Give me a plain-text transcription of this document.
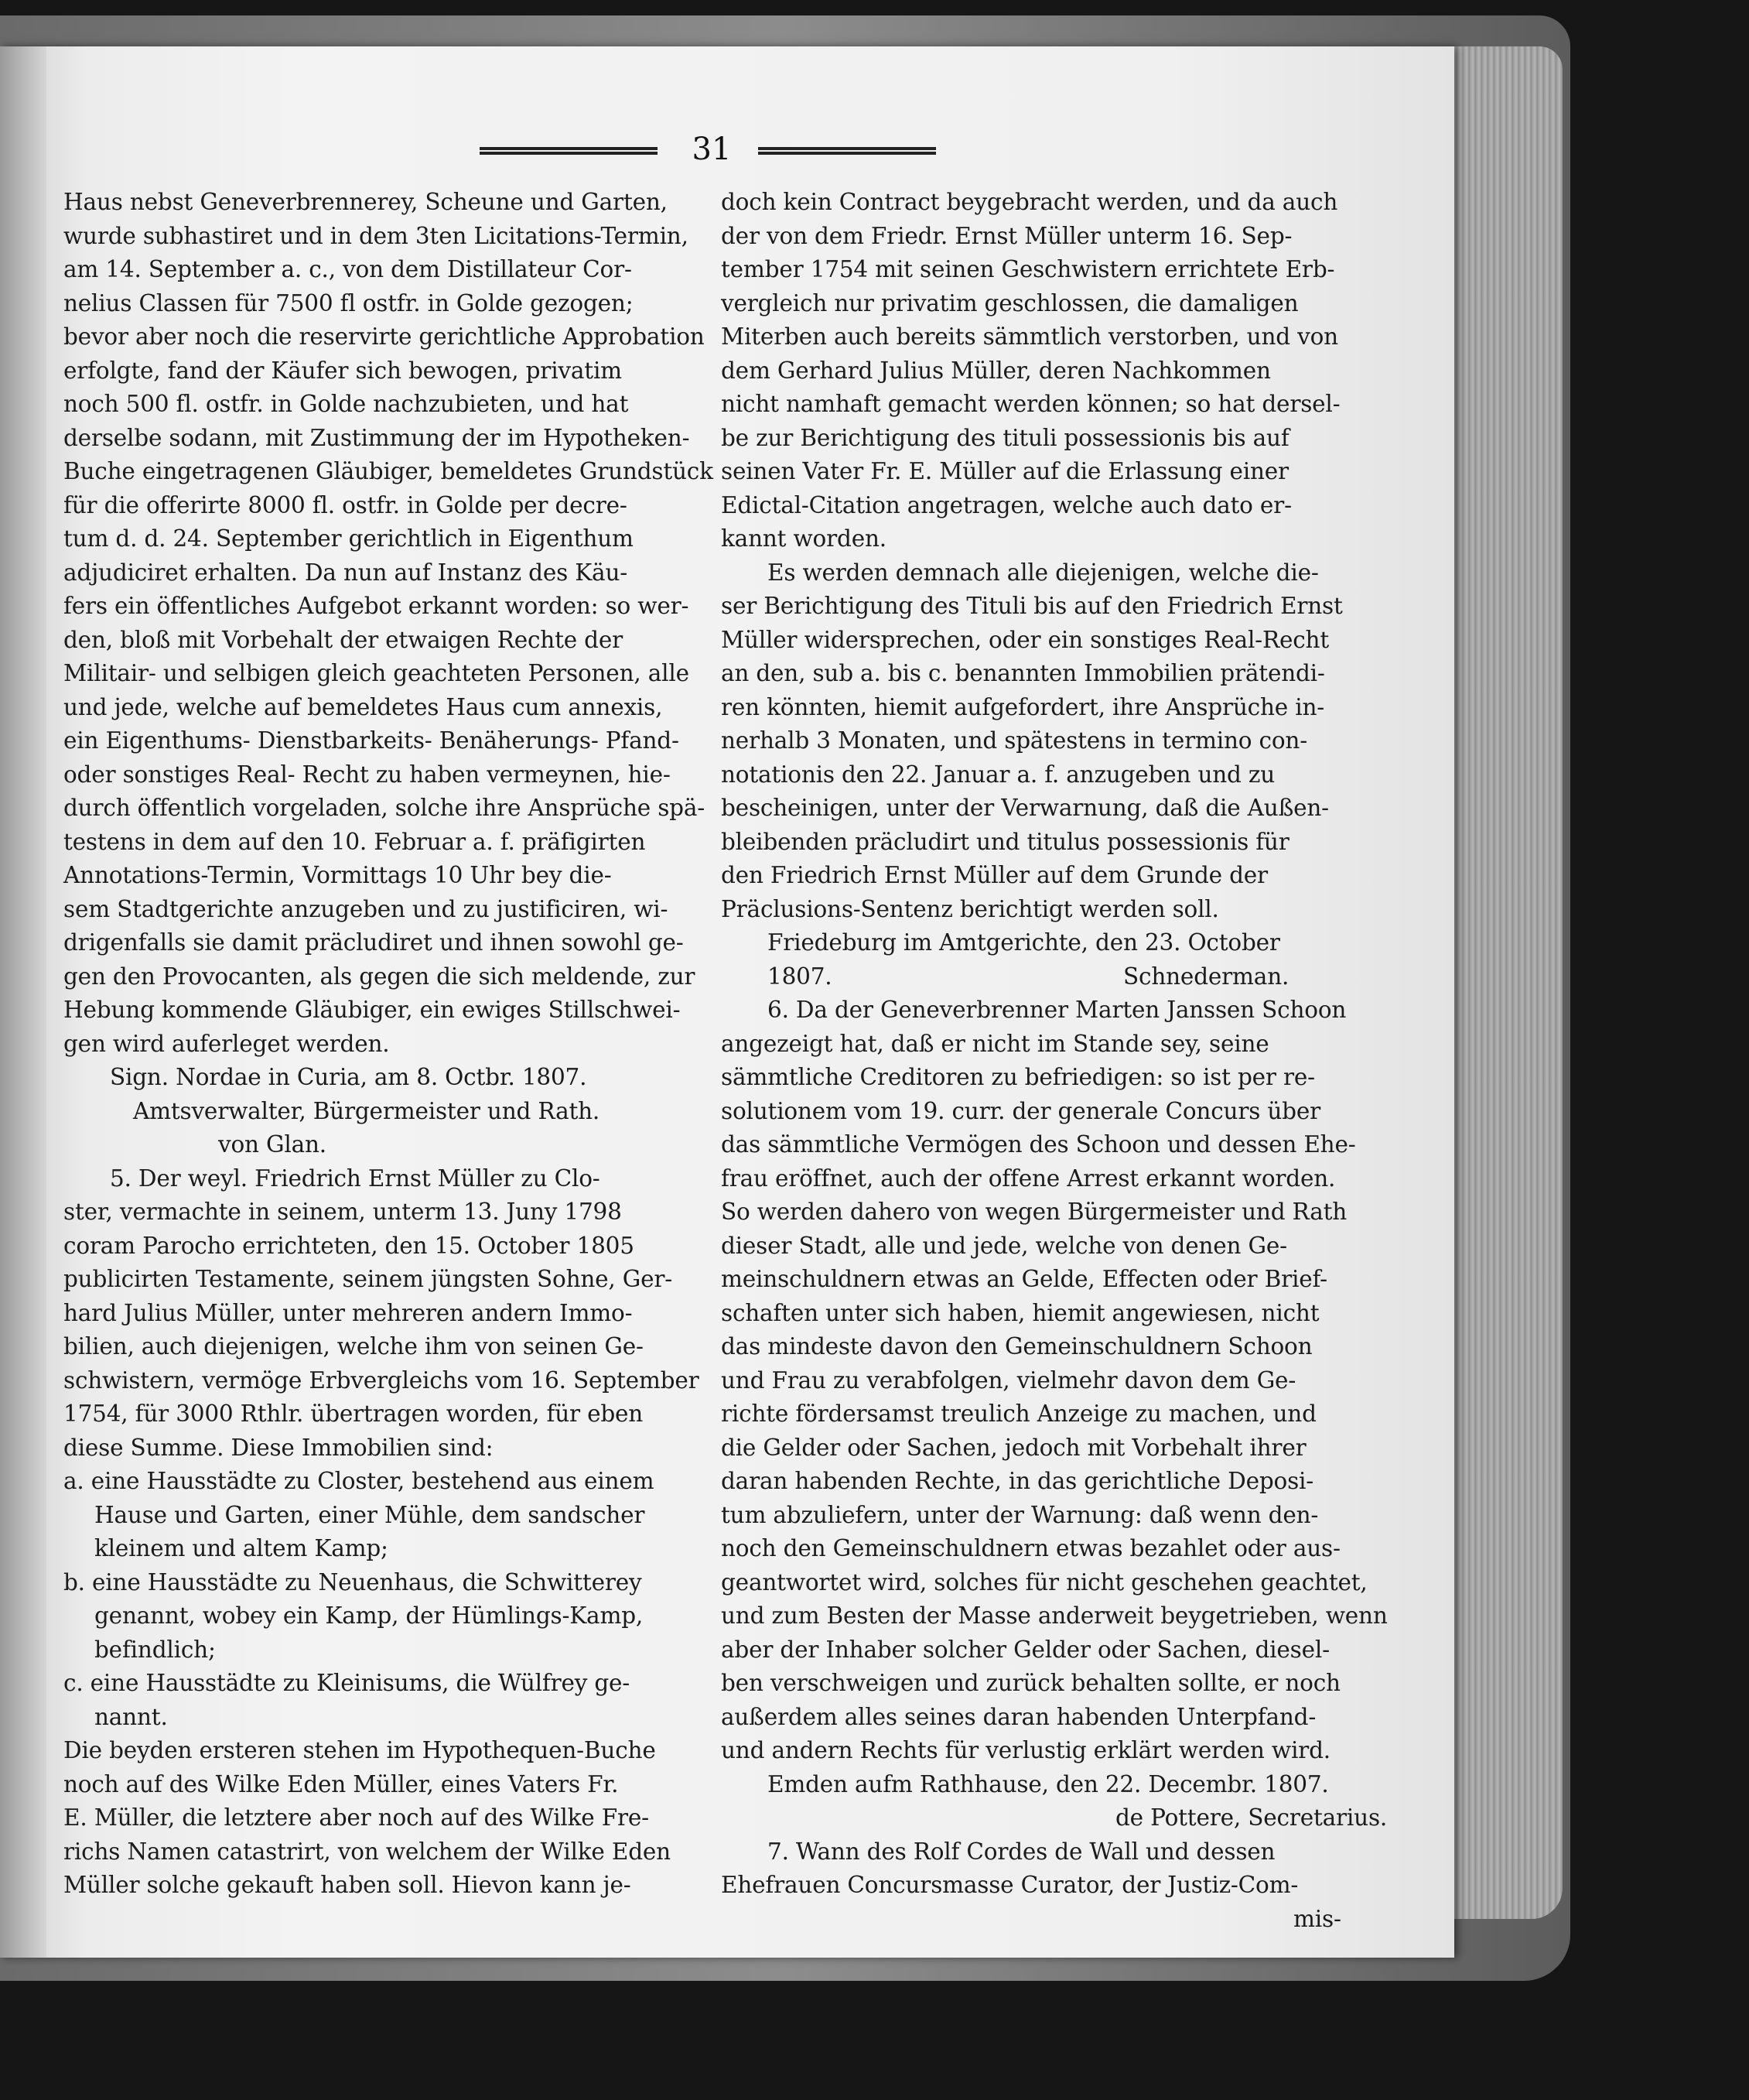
31
Haus nebst Geneverbrennerey, Scheune und Garten,
wurde subhastiret und in dem 3ten Licitations-Termin,
am 14. September a. c., von dem Distillateur Cor-
nelius Classen für 7500 fl ostfr. in Golde gezogen;
bevor aber noch die reservirte gerichtliche Approbation
erfolgte, fand der Käufer sich bewogen, privatim
noch 500 fl. ostfr. in Golde nachzubieten, und hat
derselbe sodann, mit Zustimmung der im Hypotheken-
Buche eingetragenen Gläubiger, bemeldetes Grundstück
für die offerirte 8000 fl. ostfr. in Golde per decre-
tum d. d. 24. September gerichtlich in Eigenthum
adjudiciret erhalten. Da nun auf Instanz des Käu-
fers ein öffentliches Aufgebot erkannt worden: so wer-
den, bloß mit Vorbehalt der etwaigen Rechte der
Militair- und selbigen gleich geachteten Personen, alle
und jede, welche auf bemeldetes Haus cum annexis,
ein Eigenthums- Dienstbarkeits- Benäherungs- Pfand-
oder sonstiges Real- Recht zu haben vermeynen, hie-
durch öffentlich vorgeladen, solche ihre Ansprüche spä-
testens in dem auf den 10. Februar a. f. präfigirten
Annotations-Termin, Vormittags 10 Uhr bey die-
sem Stadtgerichte anzugeben und zu justificiren, wi-
drigenfalls sie damit präcludiret und ihnen sowohl ge-
gen den Provocanten, als gegen die sich meldende, zur
Hebung kommende Gläubiger, ein ewiges Stillschwei-
gen wird auferleget werden.
Sign. Nordae in Curia, am 8. Octbr. 1807.
Amtsverwalter, Bürgermeister und Rath.
von Glan.
5. Der weyl. Friedrich Ernst Müller zu Clo-
ster, vermachte in seinem, unterm 13. Juny 1798
coram Parocho errichteten, den 15. October 1805
publicirten Testamente, seinem jüngsten Sohne, Ger-
hard Julius Müller, unter mehreren andern Immo-
bilien, auch diejenigen, welche ihm von seinen Ge-
schwistern, vermöge Erbvergleichs vom 16. September
1754, für 3000 Rthlr. übertragen worden, für eben
diese Summe. Diese Immobilien sind:
a. eine Hausstädte zu Closter, bestehend aus einem
Hause und Garten, einer Mühle, dem sandscher
kleinem und altem Kamp;
b. eine Hausstädte zu Neuenhaus, die Schwitterey
genannt, wobey ein Kamp, der Hümlings-Kamp,
befindlich;
c. eine Hausstädte zu Kleinisums, die Wülfrey ge-
nannt.
Die beyden ersteren stehen im Hypothequen-Buche
noch auf des Wilke Eden Müller, eines Vaters Fr.
E. Müller, die letztere aber noch auf des Wilke Fre-
richs Namen catastrirt, von welchem der Wilke Eden
Müller solche gekauft haben soll. Hievon kann je-
doch kein Contract beygebracht werden, und da auch
der von dem Friedr. Ernst Müller unterm 16. Sep-
tember 1754 mit seinen Geschwistern errichtete Erb-
vergleich nur privatim geschlossen, die damaligen
Miterben auch bereits sämmtlich verstorben, und von
dem Gerhard Julius Müller, deren Nachkommen
nicht namhaft gemacht werden können; so hat dersel-
be zur Berichtigung des tituli possessionis bis auf
seinen Vater Fr. E. Müller auf die Erlassung einer
Edictal-Citation angetragen, welche auch dato er-
kannt worden.
Es werden demnach alle diejenigen, welche die-
ser Berichtigung des Tituli bis auf den Friedrich Ernst
Müller widersprechen, oder ein sonstiges Real-Recht
an den, sub a. bis c. benannten Immobilien prätendi-
ren könnten, hiemit aufgefordert, ihre Ansprüche in-
nerhalb 3 Monaten, und spätestens in termino con-
notationis den 22. Januar a. f. anzugeben und zu
bescheinigen, unter der Verwarnung, daß die Außen-
bleibenden präcludirt und titulus possessionis für
den Friedrich Ernst Müller auf dem Grunde der
Präclusions-Sentenz berichtigt werden soll.
Friedeburg im Amtgerichte, den 23. October
1807.	Schnederman.
6. Da der Geneverbrenner Marten Janssen Schoon
angezeigt hat, daß er nicht im Stande sey, seine
sämmtliche Creditoren zu befriedigen: so ist per re-
solutionem vom 19. curr. der generale Concurs über
das sämmtliche Vermögen des Schoon und dessen Ehe-
frau eröffnet, auch der offene Arrest erkannt worden.
So werden dahero von wegen Bürgermeister und Rath
dieser Stadt, alle und jede, welche von denen Ge-
meinschuldnern etwas an Gelde, Effecten oder Brief-
schaften unter sich haben, hiemit angewiesen, nicht
das mindeste davon den Gemeinschuldnern Schoon
und Frau zu verabfolgen, vielmehr davon dem Ge-
richte fördersamst treulich Anzeige zu machen, und
die Gelder oder Sachen, jedoch mit Vorbehalt ihrer
daran habenden Rechte, in das gerichtliche Deposi-
tum abzuliefern, unter der Warnung: daß wenn den-
noch den Gemeinschuldnern etwas bezahlet oder aus-
geantwortet wird, solches für nicht geschehen geachtet,
und zum Besten der Masse anderweit beygetrieben, wenn
aber der Inhaber solcher Gelder oder Sachen, diesel-
ben verschweigen und zurück behalten sollte, er noch
außerdem alles seines daran habenden Unterpfand-
und andern Rechts für verlustig erklärt werden wird.
Emden aufm Rathhause, den 22. Decembr. 1807.
de Pottere, Secretarius.
7. Wann des Rolf Cordes de Wall und dessen
Ehefrauen Concursmasse Curator, der Justiz-Com-
mis-
